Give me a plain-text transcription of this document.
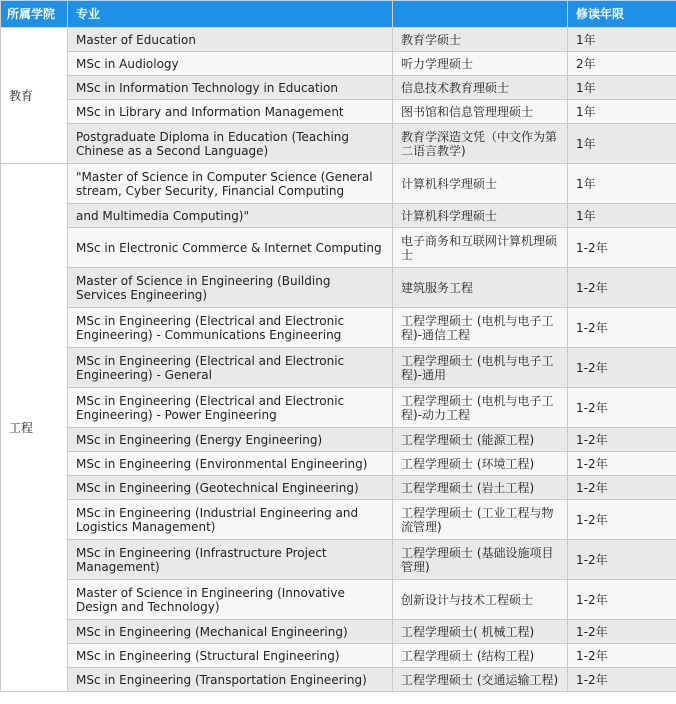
所属学院	专业		修读年限
教育	Master of Education	教育学硕士	1年
	MSc in Audiology	听力学理硕士	2年
	MSc in Information Technology in Education	信息技术教育理硕士	1年
	MSc in Library and Information Management	图书馆和信息管理理硕士	1年
	Postgraduate Diploma in Education (Teaching Chinese as a Second Language)	教育学深造文凭（中文作为第二语言教学)	1年
工程	"Master of Science in Computer Science (General stream, Cyber Security, Financial Computing	计算机科学理硕士	1年
	and Multimedia Computing)"	计算机科学理硕士	1年
	MSc in Electronic Commerce & Internet Computing	电子商务和互联网计算机理硕士	1-2年
	Master of Science in Engineering (Building Services Engineering)	建筑服务工程	1-2年
	MSc in Engineering (Electrical and Electronic Engineering) - Communications Engineering	工程学理硕士 (电机与电子工程)-通信工程	1-2年
	MSc in Engineering (Electrical and Electronic Engineering) - General	工程学理硕士 (电机与电子工程)-通用	1-2年
	MSc in Engineering (Electrical and Electronic Engineering) - Power Engineering	工程学理硕士 (电机与电子工程)-动力工程	1-2年
	MSc in Engineering (Energy Engineering)	工程学理硕士 (能源工程)	1-2年
	MSc in Engineering (Environmental Engineering)	工程学理硕士 (环境工程)	1-2年
	MSc in Engineering (Geotechnical Engineering)	工程学理硕士 (岩土工程)	1-2年
	MSc in Engineering (Industrial Engineering and Logistics Management)	工程学理硕士 (工业工程与物流管理)	1-2年
	MSc in Engineering (Infrastructure Project Management)	工程学理硕士 (基础设施项目管理)	1-2年
	Master of Science in Engineering (Innovative Design and Technology)	创新设计与技术工程硕士	1-2年
	MSc in Engineering (Mechanical Engineering)	工程学理硕士( 机械工程)	1-2年
	MSc in Engineering (Structural Engineering)	工程学理硕士 (结构工程)	1-2年
	MSc in Engineering (Transportation Engineering)	工程学理硕士 (交通运输工程)	1-2年
